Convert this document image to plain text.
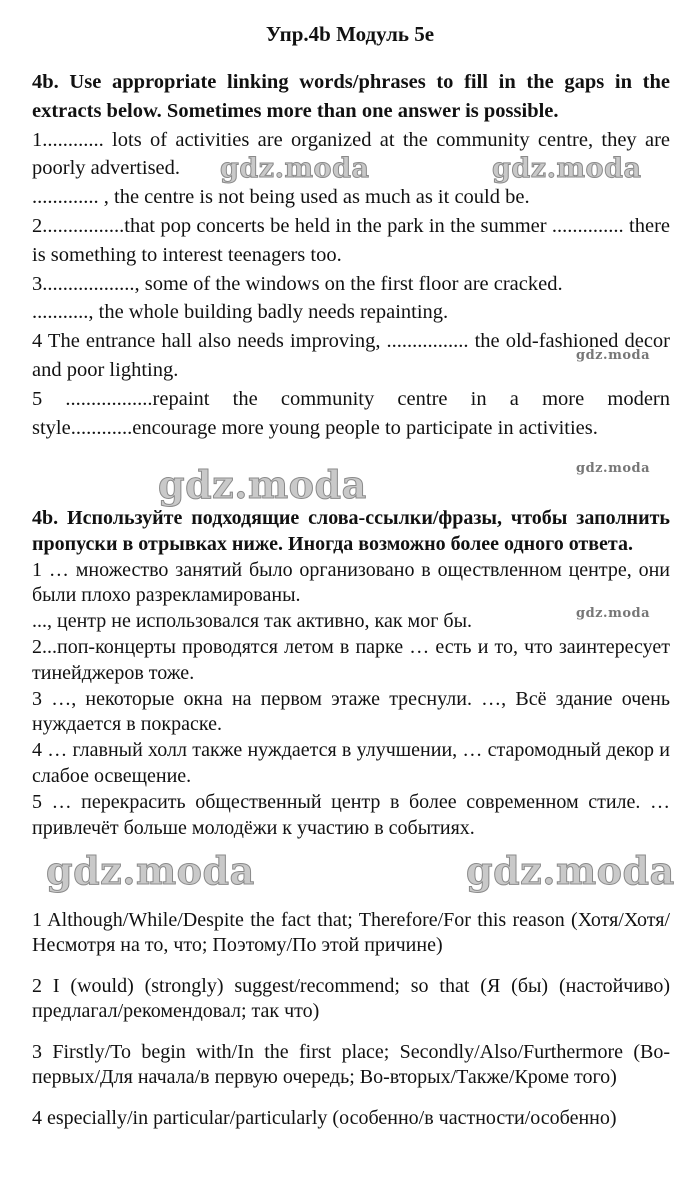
Упр.4b Модуль 5e

4b. Use appropriate linking words/phrases to fill in the gaps in the extracts below. Sometimes more than one answer is possible.

1............ lots of activities are organized at the community centre, they are poorly advertised.

............. , the centre is not being used as much as it could be.

2................that pop concerts be held in the park in the summer .............. there is something to interest teenagers too.

3.................., some of the windows on the first floor are cracked.

..........., the whole building badly needs repainting.

4 The entrance hall also needs improving, ................ the old-fashioned decor and poor lighting.

5 .................repaint the community centre in a more modern style............encourage more young people to participate in activities.

4b. Используйте подходящие слова-ссылки/фразы, чтобы заполнить пропуски в отрывках ниже. Иногда возможно более одного ответа.

1 … множество занятий было организовано в оществленном центре, они были плохо разрекламированы.

..., центр не использовался так активно, как мог бы.

2...поп-концерты проводятся летом в парке … есть и то, что заинтересует тинейджеров тоже.

3 …, некоторые окна на первом этаже треснули. …, Всё здание очень нуждается в покраске.

4 … главный холл также нуждается в улучшении, … старомодный декор и слабое освещение.

5 … перекрасить общественный центр в более современном стиле. … привлечёт больше молодёжи к участию в событиях.

1 Although/While/Despite the fact that; Therefore/For this reason (Хотя/Хотя/Несмотря на то, что; Поэтому/По этой причине)

2 I (would) (strongly) suggest/recommend; so that (Я (бы) (настойчиво) предлагал/рекомендовал; так что)

3 Firstly/To begin with/In the first place; Secondly/Also/Furthermore (Во-первых/Для начала/в первую очередь; Во-вторых/Также/Кроме того)

4 especially/in particular/particularly (особенно/в частности/особенно)

gdz.moda	gdz.moda
gdz.moda
gdz.moda	gdz.moda
gdz.moda
gdz.moda	gdz.moda
